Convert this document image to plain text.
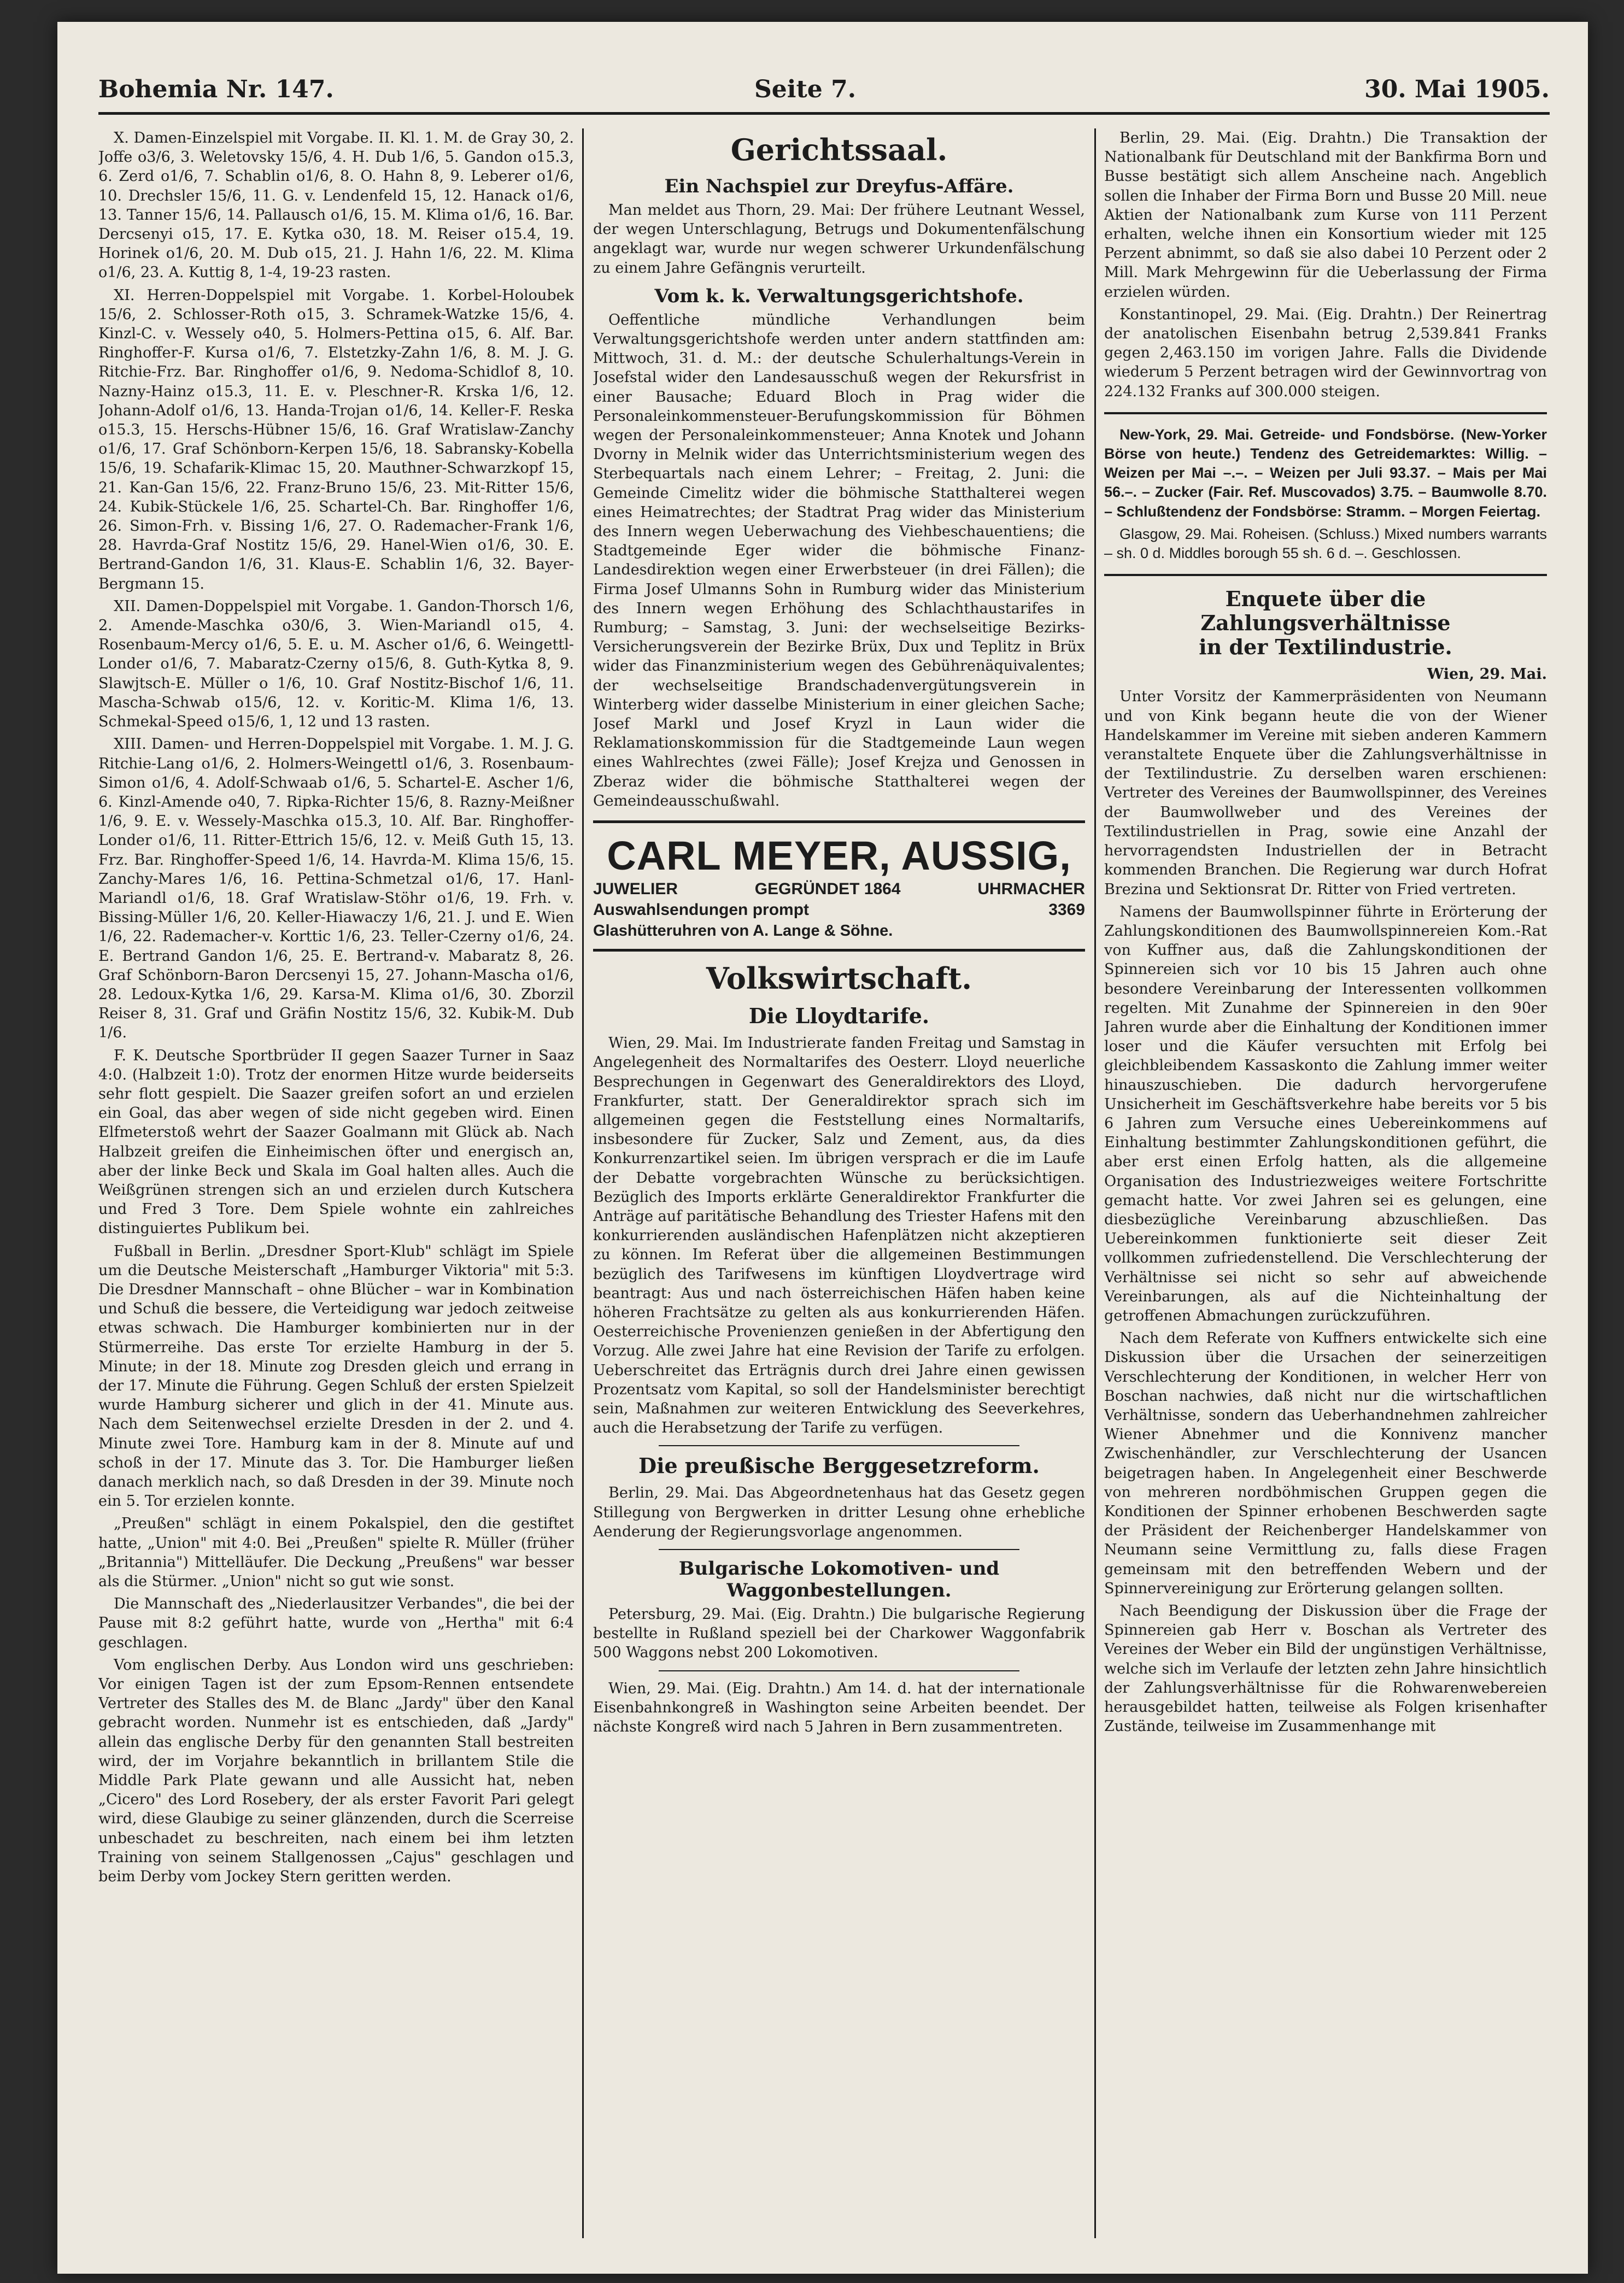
Bohemia Nr. 147.	Seite 7.	30. Mai 1905.

X. Damen-Einzelspiel mit Vorgabe. II. Kl. 1. M. de Gray 30, 2. Joffe o3/6, 3. Weletovsky 15/6, 4. H. Dub 1/6, 5. Gandon o15.3, 6. Zerd o1/6, 7. Schablin o1/6, 8. O. Hahn 8, 9. Leberer o1/6, 10. Drechsler 15/6, 11. G. v. Lendenfeld 15, 12. Hanack o1/6, 13. Tanner 15/6, 14. Pallausch o1/6, 15. M. Klima o1/6, 16. Bar. Dercsenyi o15, 17. E. Kytka o30, 18. M. Reiser o15.4, 19. Horinek o1/6, 20. M. Dub o15, 21. J. Hahn 1/6, 22. M. Klima o1/6, 23. A. Kuttig 8, 1-4, 19-23 rasten.

XI. Herren-Doppelspiel mit Vorgabe. 1. Korbel-Holoubek 15/6, 2. Schlosser-Roth o15, 3. Schramek-Watzke 15/6, 4. Kinzl-C. v. Wessely o40, 5. Holmers-Pettina o15, 6. Alf. Bar. Ringhoffer-F. Kursa o1/6, 7. Elstetzky-Zahn 1/6, 8. M. J. G. Ritchie-Frz. Bar. Ringhoffer o1/6, 9. Nedoma-Schidlof 8, 10. Nazny-Hainz o15.3, 11. E. v. Pleschner-R. Krska 1/6, 12. Johann-Adolf o1/6, 13. Handa-Trojan o1/6, 14. Keller-F. Reska o15.3, 15. Herschs-Hübner 15/6, 16. Graf Wratislaw-Zanchy o1/6, 17. Graf Schönborn-Kerpen 15/6, 18. Sabransky-Kobella 15/6, 19. Schafarik-Klimac 15, 20. Mauthner-Schwarzkopf 15, 21. Kan-Gan 15/6, 22. Franz-Bruno 15/6, 23. Mit-Ritter 15/6, 24. Kubik-Stückele 1/6, 25. Schartel-Ch. Bar. Ringhoffer 1/6, 26. Simon-Frh. v. Bissing 1/6, 27. O. Rademacher-Frank 1/6, 28. Havrda-Graf Nostitz 15/6, 29. Hanel-Wien o1/6, 30. E. Bertrand-Gandon 1/6, 31. Klaus-E. Schablin 1/6, 32. Bayer-Bergmann 15.

XII. Damen-Doppelspiel mit Vorgabe. 1. Gandon-Thorsch 1/6, 2. Amende-Maschka o30/6, 3. Wien-Mariandl o15, 4. Rosenbaum-Mercy o1/6, 5. E. u. M. Ascher o1/6, 6. Weingettl-Londer o1/6, 7. Mabaratz-Czerny o15/6, 8. Guth-Kytka 8, 9. Slawjtsch-E. Müller o 1/6, 10. Graf Nostitz-Bischof 1/6, 11. Mascha-Schwab o15/6, 12. v. Koritic-M. Klima 1/6, 13. Schmekal-Speed o15/6, 1, 12 und 13 rasten.

XIII. Damen- und Herren-Doppelspiel mit Vorgabe. 1. M. J. G. Ritchie-Lang o1/6, 2. Holmers-Weingettl o1/6, 3. Rosenbaum-Simon o1/6, 4. Adolf-Schwaab o1/6, 5. Schartel-E. Ascher 1/6, 6. Kinzl-Amende o40, 7. Ripka-Richter 15/6, 8. Razny-Meißner 1/6, 9. E. v. Wessely-Maschka o15.3, 10. Alf. Bar. Ringhoffer-Londer o1/6, 11. Ritter-Ettrich 15/6, 12. v. Meiß Guth 15, 13. Frz. Bar. Ringhoffer-Speed 1/6, 14. Havrda-M. Klima 15/6, 15. Zanchy-Mares 1/6, 16. Pettina-Schmetzal o1/6, 17. Hanl-Mariandl o1/6, 18. Graf Wratislaw-Stöhr o1/6, 19. Frh. v. Bissing-Müller 1/6, 20. Keller-Hiawaczy 1/6, 21. J. und E. Wien 1/6, 22. Rademacher-v. Korttic 1/6, 23. Teller-Czerny o1/6, 24. E. Bertrand Gandon 1/6, 25. E. Bertrand-v. Mabaratz 8, 26. Graf Schönborn-Baron Dercsenyi 15, 27. Johann-Mascha o1/6, 28. Ledoux-Kytka 1/6, 29. Karsa-M. Klima o1/6, 30. Zborzil Reiser 8, 31. Graf und Gräfin Nostitz 15/6, 32. Kubik-M. Dub 1/6.

F. K. Deutsche Sportbrüder II gegen Saazer Turner in Saaz 4:0. (Halbzeit 1:0). Trotz der enormen Hitze wurde beiderseits sehr flott gespielt. Die Saazer greifen sofort an und erzielen ein Goal, das aber wegen of side nicht gegeben wird. Einen Elfmeterstoß wehrt der Saazer Goalmann mit Glück ab. Nach Halbzeit greifen die Einheimischen öfter und energisch an, aber der linke Beck und Skala im Goal halten alles. Auch die Weißgrünen strengen sich an und erzielen durch Kutschera und Fred 3 Tore. Dem Spiele wohnte ein zahlreiches distinguiertes Publikum bei.

Fußball in Berlin. „Dresdner Sport-Klub" schlägt im Spiele um die Deutsche Meisterschaft „Hamburger Viktoria" mit 5:3. Die Dresdner Mannschaft – ohne Blücher – war in Kombination und Schuß die bessere, die Verteidigung war jedoch zeitweise etwas schwach. Die Hamburger kombinierten nur in der Stürmerreihe. Das erste Tor erzielte Hamburg in der 5. Minute; in der 18. Minute zog Dresden gleich und errang in der 17. Minute die Führung. Gegen Schluß der ersten Spielzeit wurde Hamburg sicherer und glich in der 41. Minute aus. Nach dem Seitenwechsel erzielte Dresden in der 2. und 4. Minute zwei Tore. Hamburg kam in der 8. Minute auf und schoß in der 17. Minute das 3. Tor. Die Hamburger ließen danach merklich nach, so daß Dresden in der 39. Minute noch ein 5. Tor erzielen konnte.

„Preußen" schlägt in einem Pokalspiel, den die gestiftet hatte, „Union" mit 4:0. Bei „Preußen" spielte R. Müller (früher „Britannia") Mittelläufer. Die Deckung „Preußens" war besser als die Stürmer. „Union" nicht so gut wie sonst.

Die Mannschaft des „Niederlausitzer Verbandes", die bei der Pause mit 8:2 geführt hatte, wurde von „Hertha" mit 6:4 geschlagen.

Vom englischen Derby. Aus London wird uns geschrieben: Vor einigen Tagen ist der zum Epsom-Rennen entsendete Vertreter des Stalles des M. de Blanc „Jardy" über den Kanal gebracht worden. Nunmehr ist es entschieden, daß „Jardy" allein das englische Derby für den genannten Stall bestreiten wird, der im Vorjahre bekanntlich in brillantem Stile die Middle Park Plate gewann und alle Aussicht hat, neben „Cicero" des Lord Rosebery, der als erster Favorit Pari gelegt wird, diese Glaubige zu seiner glänzenden, durch die Scerreise unbeschadet zu beschreiten, nach einem bei ihm letzten Training von seinem Stallgenossen „Cajus" geschlagen und beim Derby vom Jockey Stern geritten werden.

Gerichtssaal.
Ein Nachspiel zur Dreyfus-Affäre.

Man meldet aus Thorn, 29. Mai: Der frühere Leutnant Wessel, der wegen Unterschlagung, Betrugs und Dokumentenfälschung angeklagt war, wurde nur wegen schwerer Urkundenfälschung zu einem Jahre Gefängnis verurteilt.

Vom k. k. Verwaltungsgerichtshofe.

Oeffentliche mündliche Verhandlungen beim Verwaltungsgerichtshofe werden unter andern stattfinden am: Mittwoch, 31. d. M.: der deutsche Schulerhaltungs-Verein in Josefstal wider den Landesausschuß wegen der Rekursfrist in einer Bausache; Eduard Bloch in Prag wider die Personaleinkommensteuer-Berufungskommission für Böhmen wegen der Personaleinkommensteuer; Anna Knotek und Johann Dvorny in Melnik wider das Unterrichtsministerium wegen des Sterbequartals nach einem Lehrer; – Freitag, 2. Juni: die Gemeinde Cimelitz wider die böhmische Statthalterei wegen eines Heimatrechtes; der Stadtrat Prag wider das Ministerium des Innern wegen Ueberwachung des Viehbeschauentiens; die Stadtgemeinde Eger wider die böhmische Finanz-Landesdirektion wegen einer Erwerbsteuer (in drei Fällen); die Firma Josef Ulmanns Sohn in Rumburg wider das Ministerium des Innern wegen Erhöhung des Schlachthaustarifes in Rumburg; – Samstag, 3. Juni: der wechselseitige Bezirks-Versicherungsverein der Bezirke Brüx, Dux und Teplitz in Brüx wider das Finanzministerium wegen des Gebührenäquivalentes; der wechselseitige Brandschadenvergütungsverein in Winterberg wider dasselbe Ministerium in einer gleichen Sache; Josef Markl und Josef Kryzl in Laun wider die Reklamationskommission für die Stadtgemeinde Laun wegen eines Wahlrechtes (zwei Fälle); Josef Krejza und Genossen in Zberaz wider die böhmische Statthalterei wegen der Gemeindeausschußwahl.

CARL MEYER, AUSSIG,
JUWELIER	GEGRÜNDET 1864	UHRMACHER
Auswahlsendungen prompt	3369
Glashütteruhren von A. Lange & Söhne.
Volkswirtschaft.
Die Lloydtarife.

Wien, 29. Mai. Im Industrierate fanden Freitag und Samstag in Angelegenheit des Normaltarifes des Oesterr. Lloyd neuerliche Besprechungen in Gegenwart des Generaldirektors des Lloyd, Frankfurter, statt. Der Generaldirektor sprach sich im allgemeinen gegen die Feststellung eines Normaltarifs, insbesondere für Zucker, Salz und Zement, aus, da dies Konkurrenzartikel seien. Im übrigen versprach er die im Laufe der Debatte vorgebrachten Wünsche zu berücksichtigen. Bezüglich des Imports erklärte Generaldirektor Frankfurter die Anträge auf paritätische Behandlung des Triester Hafens mit den konkurrierenden ausländischen Hafenplätzen nicht akzeptieren zu können. Im Referat über die allgemeinen Bestimmungen bezüglich des Tarifwesens im künftigen Lloydvertrage wird beantragt: Aus und nach österreichischen Häfen haben keine höheren Frachtsätze zu gelten als aus konkurrierenden Häfen. Oesterreichische Provenienzen genießen in der Abfertigung den Vorzug. Alle zwei Jahre hat eine Revision der Tarife zu erfolgen. Ueberschreitet das Erträgnis durch drei Jahre einen gewissen Prozentsatz vom Kapital, so soll der Handelsminister berechtigt sein, Maßnahmen zur weiteren Entwicklung des Seeverkehres, auch die Herabsetzung der Tarife zu verfügen.

Die preußische Berggesetzreform.

Berlin, 29. Mai. Das Abgeordnetenhaus hat das Gesetz gegen Stillegung von Bergwerken in dritter Lesung ohne erhebliche Aenderung der Regierungsvorlage angenommen.

Bulgarische Lokomotiven- und
Waggonbestellungen.

Petersburg, 29. Mai. (Eig. Drahtn.) Die bulgarische Regierung bestellte in Rußland speziell bei der Charkower Waggonfabrik 500 Waggons nebst 200 Lokomotiven.

Wien, 29. Mai. (Eig. Drahtn.) Am 14. d. hat der internationale Eisenbahnkongreß in Washington seine Arbeiten beendet. Der nächste Kongreß wird nach 5 Jahren in Bern zusammentreten.

Berlin, 29. Mai. (Eig. Drahtn.) Die Transaktion der Nationalbank für Deutschland mit der Bankfirma Born und Busse bestätigt sich allem Anscheine nach. Angeblich sollen die Inhaber der Firma Born und Busse 20 Mill. neue Aktien der Nationalbank zum Kurse von 111 Perzent erhalten, welche ihnen ein Konsortium wieder mit 125 Perzent abnimmt, so daß sie also dabei 10 Perzent oder 2 Mill. Mark Mehrgewinn für die Ueberlassung der Firma erzielen würden.

Konstantinopel, 29. Mai. (Eig. Drahtn.) Der Reinertrag der anatolischen Eisenbahn betrug 2,539.841 Franks gegen 2,463.150 im vorigen Jahre. Falls die Dividende wiederum 5 Perzent betragen wird der Gewinnvortrag von 224.132 Franks auf 300.000 steigen.

New-York, 29. Mai. Getreide- und Fondsbörse. (New-Yorker Börse von heute.) Tendenz des Getreidemarktes: Willig. – Weizen per Mai –.–. – Weizen per Juli 93.37. – Mais per Mai 56.–. – Zucker (Fair. Ref. Muscovados) 3.75. – Baumwolle 8.70. – Schlußtendenz der Fondsbörse: Stramm. – Morgen Feiertag.

Glasgow, 29. Mai. Roheisen. (Schluss.) Mixed numbers warrants – sh. 0 d. Middles borough 55 sh. 6 d. –. Geschlossen.

Enquete über die Zahlungsverhältnisse
in der Textilindustrie.
Wien, 29. Mai.

Unter Vorsitz der Kammerpräsidenten von Neumann und von Kink begann heute die von der Wiener Handelskammer im Vereine mit sieben anderen Kammern veranstaltete Enquete über die Zahlungsverhältnisse in der Textilindustrie. Zu derselben waren erschienen: Vertreter des Vereines der Baumwollspinner, des Vereines der Baumwollweber und des Vereines der Textilindustriellen in Prag, sowie eine Anzahl der hervorragendsten Industriellen der in Betracht kommenden Branchen. Die Regierung war durch Hofrat Brezina und Sektionsrat Dr. Ritter von Fried vertreten.

Namens der Baumwollspinner führte in Erörterung der Zahlungskonditionen des Baumwollspinnereien Kom.-Rat von Kuffner aus, daß die Zahlungskonditionen der Spinnereien sich vor 10 bis 15 Jahren auch ohne besondere Vereinbarung der Interessenten vollkommen regelten. Mit Zunahme der Spinnereien in den 90er Jahren wurde aber die Einhaltung der Konditionen immer loser und die Käufer versuchten mit Erfolg bei gleichbleibendem Kassaskonto die Zahlung immer weiter hinauszuschieben. Die dadurch hervorgerufene Unsicherheit im Geschäftsverkehre habe bereits vor 5 bis 6 Jahren zum Versuche eines Uebereinkommens auf Einhaltung bestimmter Zahlungskonditionen geführt, die aber erst einen Erfolg hatten, als die allgemeine Organisation des Industriezweiges weitere Fortschritte gemacht hatte. Vor zwei Jahren sei es gelungen, eine diesbezügliche Vereinbarung abzuschließen. Das Uebereinkommen funktionierte seit dieser Zeit vollkommen zufriedenstellend. Die Verschlechterung der Verhältnisse sei nicht so sehr auf abweichende Vereinbarungen, als auf die Nichteinhaltung der getroffenen Abmachungen zurückzuführen.

Nach dem Referate von Kuffners entwickelte sich eine Diskussion über die Ursachen der seinerzeitigen Verschlechterung der Konditionen, in welcher Herr von Boschan nachwies, daß nicht nur die wirtschaftlichen Verhältnisse, sondern das Ueberhandnehmen zahlreicher Wiener Abnehmer und die Konnivenz mancher Zwischenhändler, zur Verschlechterung der Usancen beigetragen haben. In Angelegenheit einer Beschwerde von mehreren nordböhmischen Gruppen gegen die Konditionen der Spinner erhobenen Beschwerden sagte der Präsident der Reichenberger Handelskammer von Neumann seine Vermittlung zu, falls diese Fragen gemeinsam mit den betreffenden Webern und der Spinnervereinigung zur Erörterung gelangen sollten.

Nach Beendigung der Diskussion über die Frage der Spinnereien gab Herr v. Boschan als Vertreter des Vereines der Weber ein Bild der ungünstigen Verhältnisse, welche sich im Verlaufe der letzten zehn Jahre hinsichtlich der Zahlungsverhältnisse für die Rohwarenwebereien herausgebildet hatten, teilweise als Folgen krisenhafter Zustände, teilweise im Zusammenhange mit
